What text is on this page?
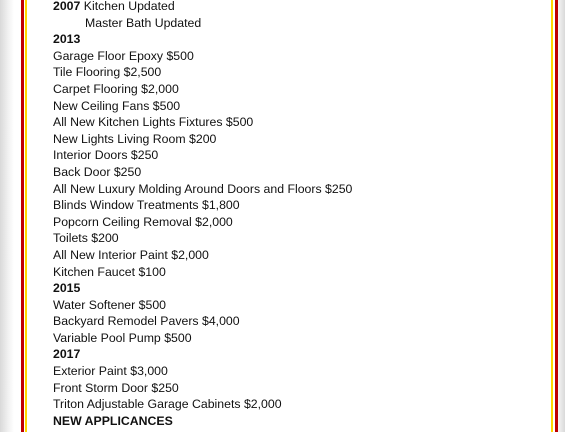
2007 Kitchen Updated
Master Bath Updated
2013
Garage Floor Epoxy $500
Tile Flooring $2,500
Carpet Flooring $2,000
New Ceiling Fans $500
All New Kitchen Lights Fixtures $500
New Lights Living Room $200
Interior Doors $250
Back Door $250
All New Luxury Molding Around Doors and Floors $250
Blinds Window Treatments $1,800
Popcorn Ceiling Removal $2,000
Toilets $200
All New Interior Paint $2,000
Kitchen Faucet $100
2015
Water Softener $500
Backyard Remodel Pavers $4,000
Variable Pool Pump $500
2017
Exterior Paint $3,000
Front Storm Door $250
Triton Adjustable Garage Cabinets $2,000
NEW APPLICANCES
